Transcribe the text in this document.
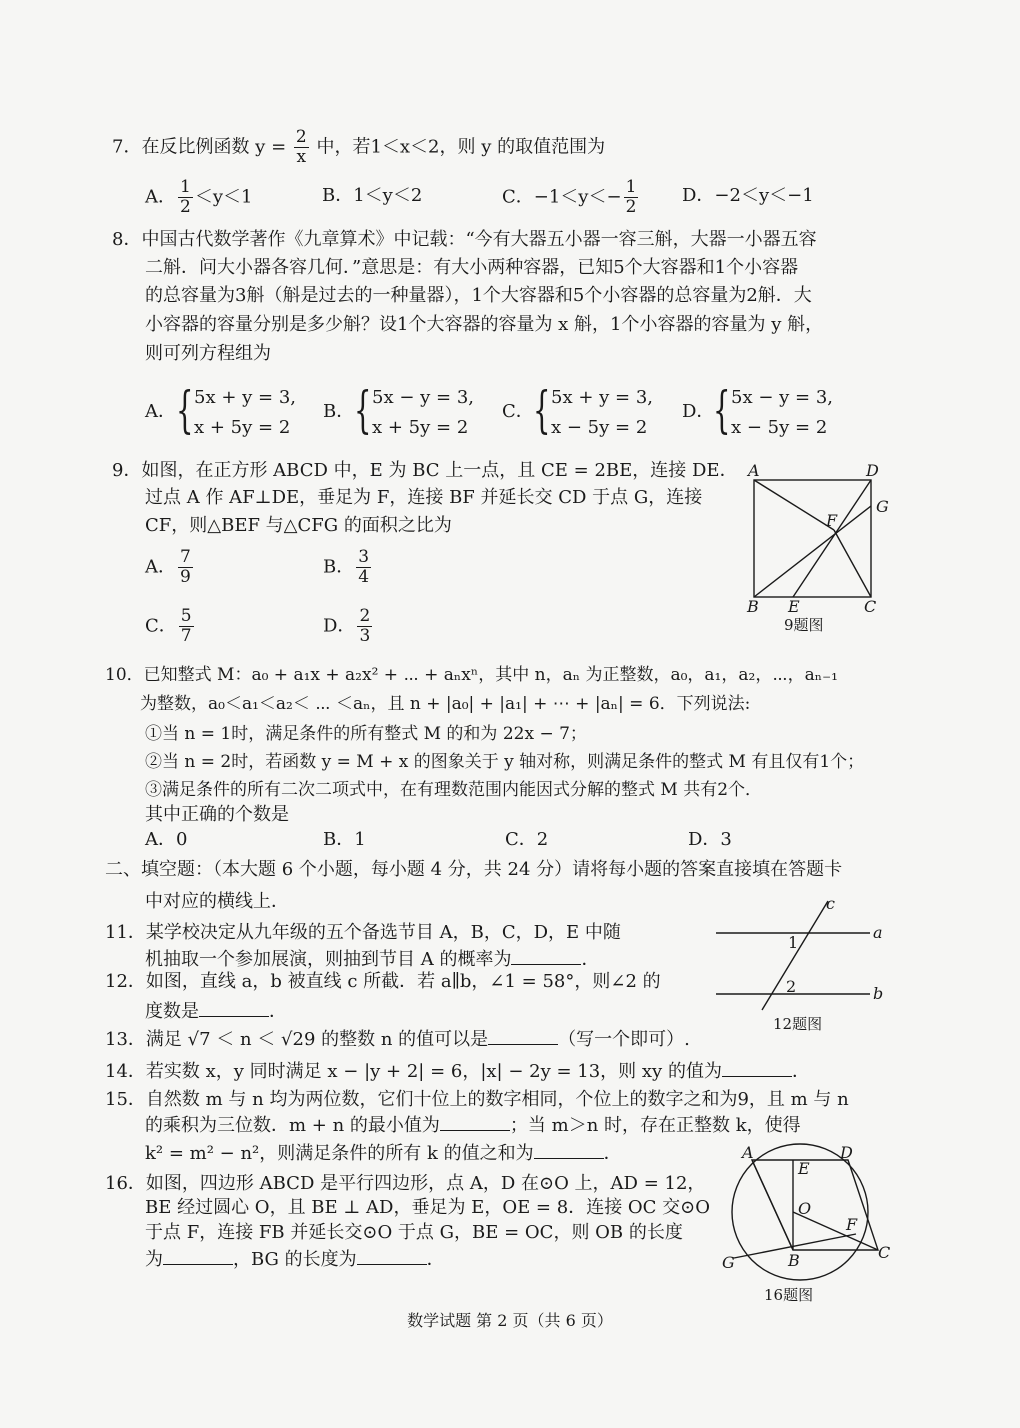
7．在反比例函数 $y = \frac{2}{x}$ 中，若1＜x＜2，则 y 的取值范围为
A． $\frac{1}{2} <y<1$	B．1＜y＜2	C．$-1<y<- \frac{1}{2}$ D．−2＜y＜−1
8．中国古代数学著作《九章算术》中记载：“今有大器五小器一容三斛，大器一小器五容
二斛．问大小器各容几何．”意思是：有大小两种容器，已知5个大容器和1个小容器
的总容量为3斛（斛是过去的一种量器），1个大容器和5个小容器的总容量为2斛．大
小容器的容量分别是多少斛？设1个大容器的容量为 x 斛，1个小容器的容量为 y 斛，
则可列方程组为
A． { 5x + y = 3,
x + 5y = 2
B． { 5x − y = 3,
x + 5y = 2
C． { 5x + y = 3,
x − 5y = 2
D．
{ 5x − y = 3,
x − 5y = 2
9．如图，在正方形 ABCD 中，E 为 BC 上一点，且 CE = 2BE，连接 DE．
过点 A 作 AF⊥DE，垂足为 F，连接 BF 并延长交 CD 于点 G，连接
CF，则△BEF 与△CFG 的面积之比为
A． $\frac{7}{9}$	B． $\frac{3}{4}$
C． $\frac{5}{7}$	D． $\frac{2}{3}$
A	D
G
F
B E	C
9题图
10．已知整式 M：a₀ + a₁x + a₂x² + ⋯ + aₙxⁿ，其中 n，aₙ 为正整数，a₀，a₁，a₂，⋯，aₙ₋₁
为整数，a₀＜a₁＜a₂＜ ⋯ ＜aₙ，且 n + |a₀| + |a₁| + ⋯ + |aₙ| = 6．下列说法:
①当 n = 1时，满足条件的所有整式 M 的和为 22x − 7；
②当 n = 2时，若函数 y = M + x 的图象关于 y 轴对称，则满足条件的整式 M 有且仅有1个；
③满足条件的所有二次二项式中，在有理数范围内能因式分解的整式 M 共有2个．
其中正确的个数是
A．0	B．1	C．2	D．3
二、填空题：（本大题 6 个小题，每小题 4 分，共 24 分）请将每小题的答案直接填在答题卡
中对应的横线上．
11．某学校决定从九年级的五个备选节目 A，B，C，D，E 中随
机抽取一个参加展演，则抽到节目 A 的概率为	．
12．如图，直线 a，b 被直线 c 所截．若 a∥b，∠1 = 58°，则∠2 的
度数是	．
c
a
b
1
2
12题图
13．满足 √7 ＜ n ＜ √29 的整数 n 的值可以是	（写一个即可）.
14．若实数 x，y 同时满足 x − |y + 2| = 6，|x| − 2y = 13，则 xy 的值为	．
15．自然数 m 与 n 均为两位数，它们十位上的数字相同，个位上的数字之和为9，且 m 与 n
的乘积为三位数．m + n 的最小值为	；当 m＞n 时，存在正整数 k，使得
k² = m² − n²，则满足条件的所有 k 的值之和为	．
16．如图，四边形 ABCD 是平行四边形，点 A，D 在⊙O 上，AD = 12，
BE 经过圆心 O，且 BE ⊥ AD，垂足为 E，OE = 8．连接 OC 交⊙O
于点 F，连接 FB 并延长交⊙O 于点 G，BE = OC，则 OB 的长度
为	，BG 的长度为	．
A	D
E
O
F
B	C
G
16题图
数学试题 第 2 页（共 6 页）
